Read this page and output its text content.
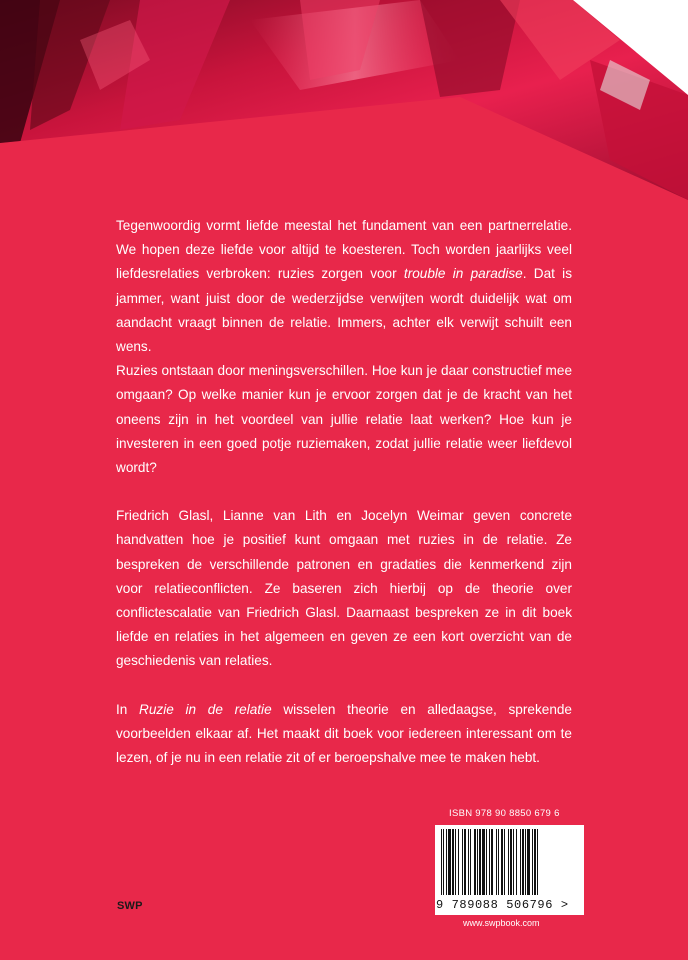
Tegenwoordig vormt liefde meestal het fundament van een partnerrelatie. We hopen deze liefde voor altijd te koesteren. Toch worden jaarlijks veel liefdesrelaties verbroken: ruzies zorgen voor trouble in paradise. Dat is jammer, want juist door de wederzijdse verwijten wordt duidelijk wat om aandacht vraagt binnen de relatie. Immers, achter elk verwijt schuilt een wens.

Ruzies ontstaan door meningsverschillen. Hoe kun je daar constructief mee omgaan? Op welke manier kun je ervoor zorgen dat je de kracht van het oneens zijn in het voordeel van jullie relatie laat werken? Hoe kun je investeren in een goed potje ruziemaken, zodat jullie relatie weer liefdevol wordt?

Friedrich Glasl, Lianne van Lith en Jocelyn Weimar geven concrete handvatten hoe je positief kunt omgaan met ruzies in de relatie. Ze bespreken de verschillende patronen en gradaties die kenmerkend zijn voor relatieconflicten. Ze baseren zich hierbij op de theorie over conflictescalatie van Friedrich Glasl. Daarnaast bespreken ze in dit boek liefde en relaties in het algemeen en geven ze een kort overzicht van de geschiedenis van relaties.

In Ruzie in de relatie wisselen theorie en alledaagse, sprekende voorbeelden elkaar af. Het maakt dit boek voor iedereen interessant om te lezen, of je nu in een relatie zit of er beroepshalve mee te maken hebt.

ISBN 978 90 8850 679 6
9 789088 506796 >
www.swpbook.com
SWP
